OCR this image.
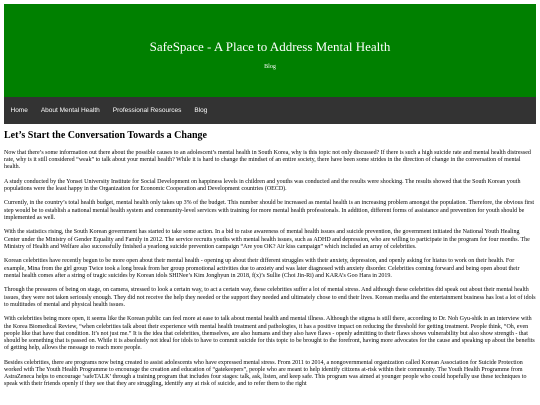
SafeSpace - A Place to Address Mental Health
Blog
Home	About Mental Health	Professional Resources	Blog
Let’s Start the Conversation Towards a Change

Now that there’s some information out there about the possible causes to an adolescent’s mental health in South Korea, why is this topic not only discussed? If there is such a high suicide rate and mental health distressed rate, why is it still considered “weak” to talk about your mental health? While it is hard to change the mindset of an entire society, there have been some strides in the direction of change in the conversation of mental health.

A study conducted by the Yonsei University Institute for Social Development on happiness levels in children and youths was conducted and the results were shocking. The results showed that the South Korean youth populations were the least happy in the Organization for Economic Cooperation and Development countries (OECD).

Currently, in the country’s total health budget, mental health only takes up 3% of the budget. This number should be increased as mental health is an increasing problem amongst the population. Therefore, the obvious first step would be to establish a national mental health system and community-level services with training for more mental health professionals. In addition, different forms of assistance and prevention for youth should be implemented as well.

With the statistics rising, the South Korean government has started to take some action. In a bid to raise awareness of mental health issues and suicide prevention, the government initiated the National Youth Healing Center under the Ministry of Gender Equality and Family in 2012. The service recruits youths with mental health issues, such as ADHD and depression, who are willing to participate in the program for four months. The Ministry of Health and Welfare also successfully finished a yearlong suicide prevention campaign “Are you OK? Air kiss campaign” which included an array of celebrities.

Korean celebrities have recently begun to be more open about their mental health - opening up about their different struggles with their anxiety, depression, and openly asking for hiatus to work on their health. For example, Mina from the girl group Twice took a long break from her group promotional activities due to anxiety and was later diagnosed with anxiety disorder. Celebrities coming forward and being open about their mental health comes after a string of tragic suicides by Korean idols SHINee’s Kim Jonghyun in 2018, f(x)’s Sullie (Choi Jin-Ri) and KARA’s Goo Hara in 2019.

Through the pressures of being on stage, on camera, stressed to look a certain way, to act a certain way, these celebrities suffer a lot of mental stress. And although these celebrities did speak out about their mental health issues, they were not taken seriously enough. They did not receive the help they needed or the support they needed and ultimately chose to end their lives. Korean media and the entertainment business has lost a lot of idols to multitudes of mental and physical health issues.

With celebrities being more open, it seems like the Korean public can feel more at ease to talk about mental health and mental illness. Although the stigma is still there, according to Dr. Noh Gyu-shik in an interview with the Korea Biomedical Review, “when celebrities talk about their experience with mental health treatment and pathologies, it has a positive impact on reducing the threshold for getting treatment. People think, “Oh, even people like that have that condition. It’s not just me.” It is the idea that celebrities, themselves, are also humans and they also have flaws - openly admitting to their flaws shows vulnerability but also show strength - that should be something that is passed on. While it is absolutely not ideal for idols to have to commit suicide for this topic to be brought to the forefront, having more advocates for the cause and speaking up about the benefits of getting help, allows the message to reach more people.

Besides celebrities, there are programs now being created to assist adolescents who have expressed mental stress. From 2011 to 2014, a nongovernmental organization called Korean Association for Suicide Protection worked with The Youth Health Programme to encourage the creation and education of “gatekeepers”, people who are meant to help identify citizens at-risk within their community. The Youth Health Programme from AstraZeneca helps to encourage ‘safeTALK’ through a training program that includes four stages: talk, ask, listen, and keep safe. This program was aimed at younger people who could hopefully use these techniques to speak with their friends openly if they see that they are struggling, identify any at risk of suicide, and to refer them to the right
